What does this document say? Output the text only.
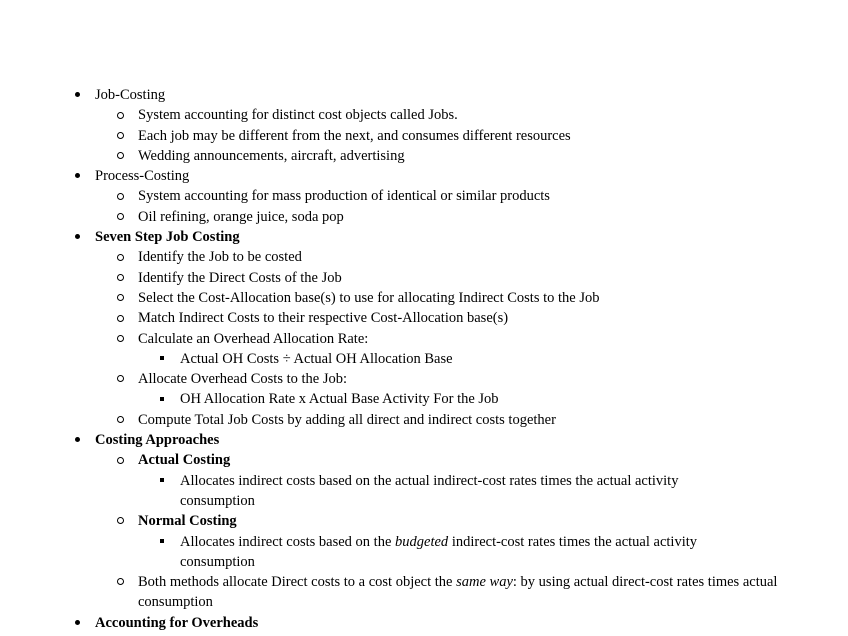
Job-Costing
System accounting for distinct cost objects called Jobs.
Each job may be different from the next, and consumes different resources
Wedding announcements, aircraft, advertising
Process-Costing
System accounting for mass production of identical or similar products
Oil refining, orange juice, soda pop
Seven Step Job Costing
Identify the Job to be costed
Identify the Direct Costs of the Job
Select the Cost-Allocation base(s) to use for allocating Indirect Costs to the Job
Match Indirect Costs to their respective Cost-Allocation base(s)
Calculate an Overhead Allocation Rate:
Actual OH Costs ÷ Actual OH Allocation Base
Allocate Overhead Costs to the Job:
OH Allocation Rate x Actual Base Activity For the Job
Compute Total Job Costs by adding all direct and indirect costs together
Costing Approaches
Actual Costing
Allocates indirect costs based on the actual indirect-cost rates times the actual activity consumption
Normal Costing
Allocates indirect costs based on the budgeted indirect-cost rates times the actual activity consumption
Both methods allocate Direct costs to a cost object the same way: by using actual direct-cost rates times actual consumption
Accounting for Overheads
